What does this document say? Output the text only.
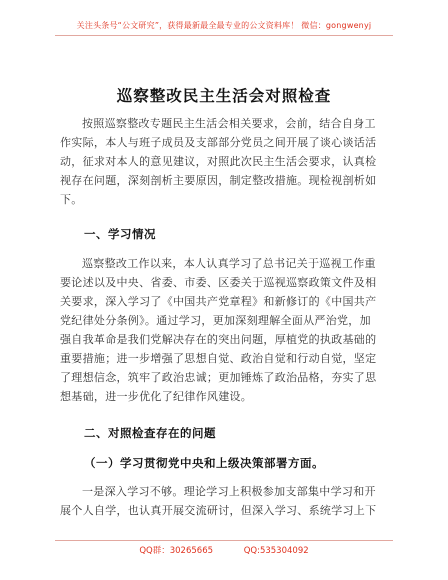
关注头条号“公文研究”，获得最新最全最专业的公文资料库！ 微信：gongwenyj
巡察整改民主生活会对照检查
按照巡察整改专题民主生活会相关要求，会前，结合自身工
作实际，本人与班子成员及支部部分党员之间开展了谈心谈话活
动，征求对本人的意见建议，对照此次民主生活会要求，认真检
视存在问题，深刻剖析主要原因，制定整改措施。现检视剖析如
下。
一、学习情况
巡察整改工作以来，本人认真学习了总书记关于巡视工作重
要论述以及中央、省委、市委、区委关于巡视巡察政策文件及相
关要求，深入学习了《中国共产党章程》和新修订的《中国共产
党纪律处分条例》。通过学习，更加深刻理解全面从严治党，加
强自我革命是我们党解决存在的突出问题，厚植党的执政基础的
重要措施；进一步增强了思想自觉、政治自觉和行动自觉，坚定
了理想信念，筑牢了政治忠诚；更加锤炼了政治品格，夯实了思
想基础，进一步优化了纪律作风建设。
二、对照检查存在的问题
（一）学习贯彻党中央和上级决策部署方面。
一是深入学习不够。理论学习上积极参加支部集中学习和开
展个人自学，也认真开展交流研讨，但深入学习、系统学习上下
QQ群：30265665	QQ:535304092
